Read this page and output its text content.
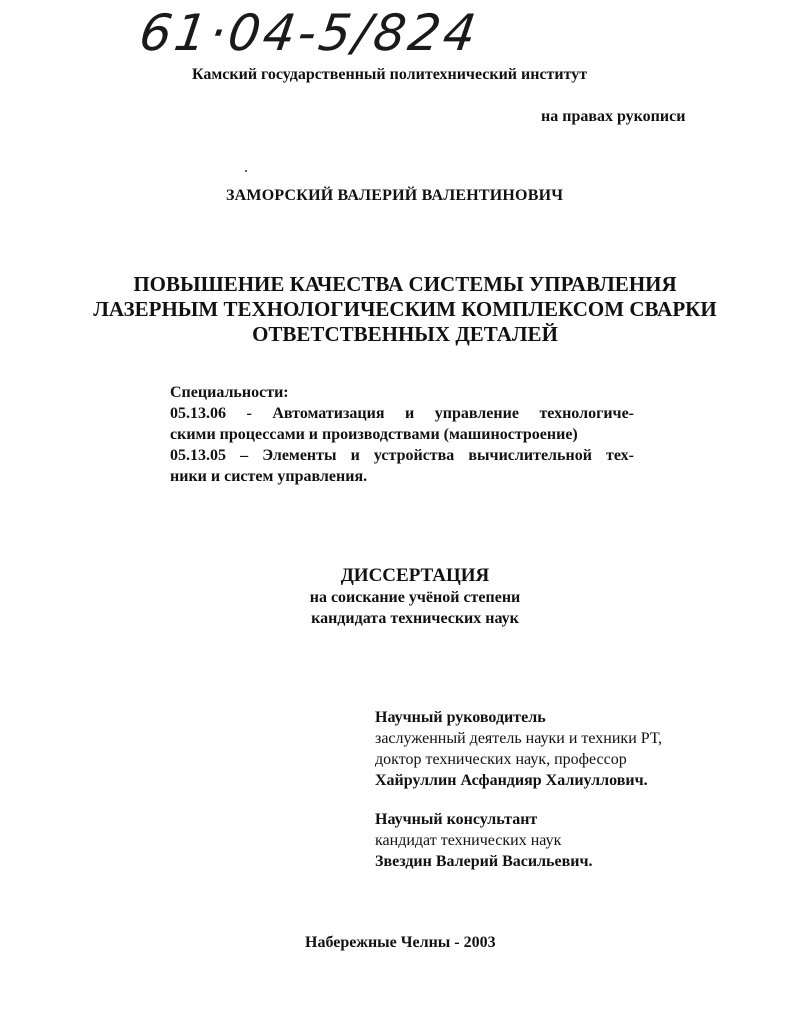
61·04-5/824
Камский государственный политехнический институт
на правах рукописи
ЗАМОРСКИЙ ВАЛЕРИЙ ВАЛЕНТИНОВИЧ
ПОВЫШЕНИЕ КАЧЕСТВА СИСТЕМЫ УПРАВЛЕНИЯ
ЛАЗЕРНЫМ ТЕХНОЛОГИЧЕСКИМ КОМПЛЕКСОМ СВАРКИ
ОТВЕТСТВЕННЫХ ДЕТАЛЕЙ
Специальности:
05.13.06 - Автоматизация и управление технологиче-
скими процессами и производствами (машиностроение)
05.13.05 – Элементы и устройства вычислительной тех-
ники и систем управления.
ДИССЕРТАЦИЯ
на соискание учёной степени
кандидата технических наук
Научный руководитель
заслуженный деятель науки и техники РТ,
доктор технических наук, профессор
Хайруллин Асфандияр Халиуллович.
Научный консультант
кандидат технических наук
Звездин Валерий Васильевич.
Набережные Челны - 2003
